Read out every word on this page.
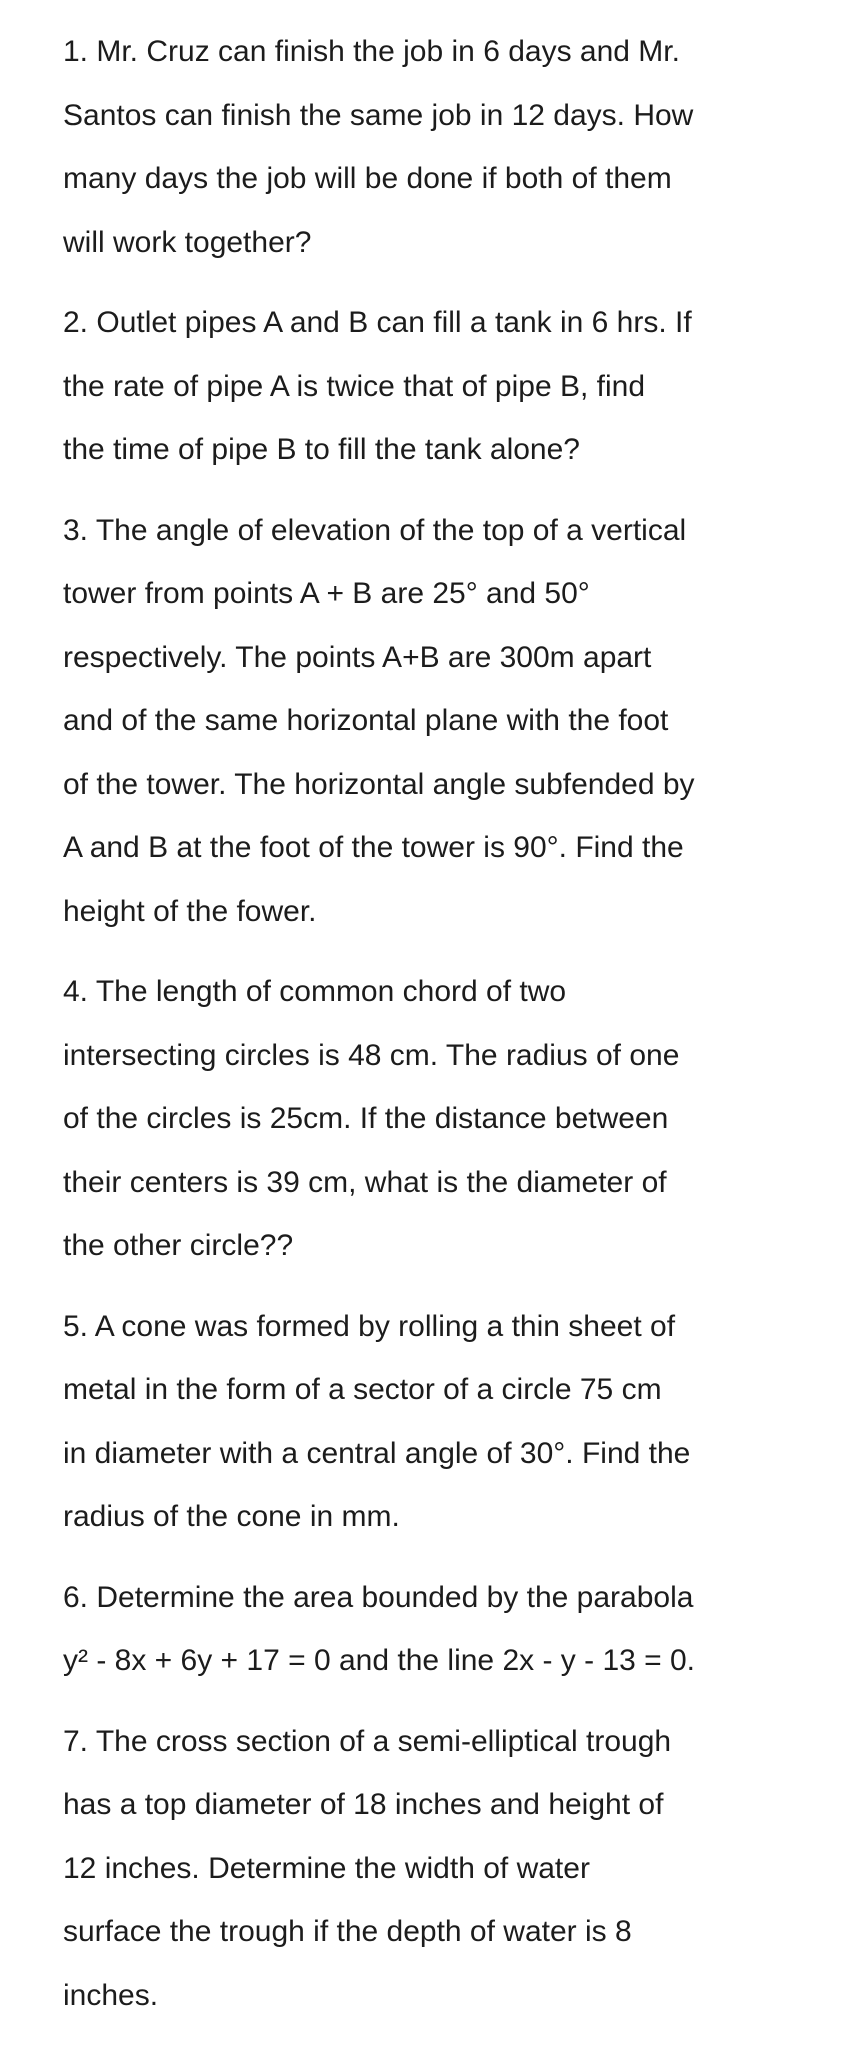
1. Mr. Cruz can finish the job in 6 days and Mr.
Santos can finish the same job in 12 days. How
many days the job will be done if both of them
will work together?

2. Outlet pipes A and B can fill a tank in 6 hrs. If
the rate of pipe A is twice that of pipe B, find
the time of pipe B to fill the tank alone?

3. The angle of elevation of the top of a vertical
tower from points A + B are 25° and 50°
respectively. The points A+B are 300m apart
and of the same horizontal plane with the foot
of the tower. The horizontal angle subfended by
A and B at the foot of the tower is 90°. Find the
height of the fower.

4. The length of common chord of two
intersecting circles is 48 cm. The radius of one
of the circles is 25cm. If the distance between
their centers is 39 cm, what is the diameter of
the other circle??

5. A cone was formed by rolling a thin sheet of
metal in the form of a sector of a circle 75 cm
in diameter with a central angle of 30°. Find the
radius of the cone in mm.

6. Determine the area bounded by the parabola
y² - 8x + 6y + 17 = 0 and the line 2x - y - 13 = 0.

7. The cross section of a semi-elliptical trough
has a top diameter of 18 inches and height of
12 inches. Determine the width of water
surface the trough if the depth of water is 8
inches.
